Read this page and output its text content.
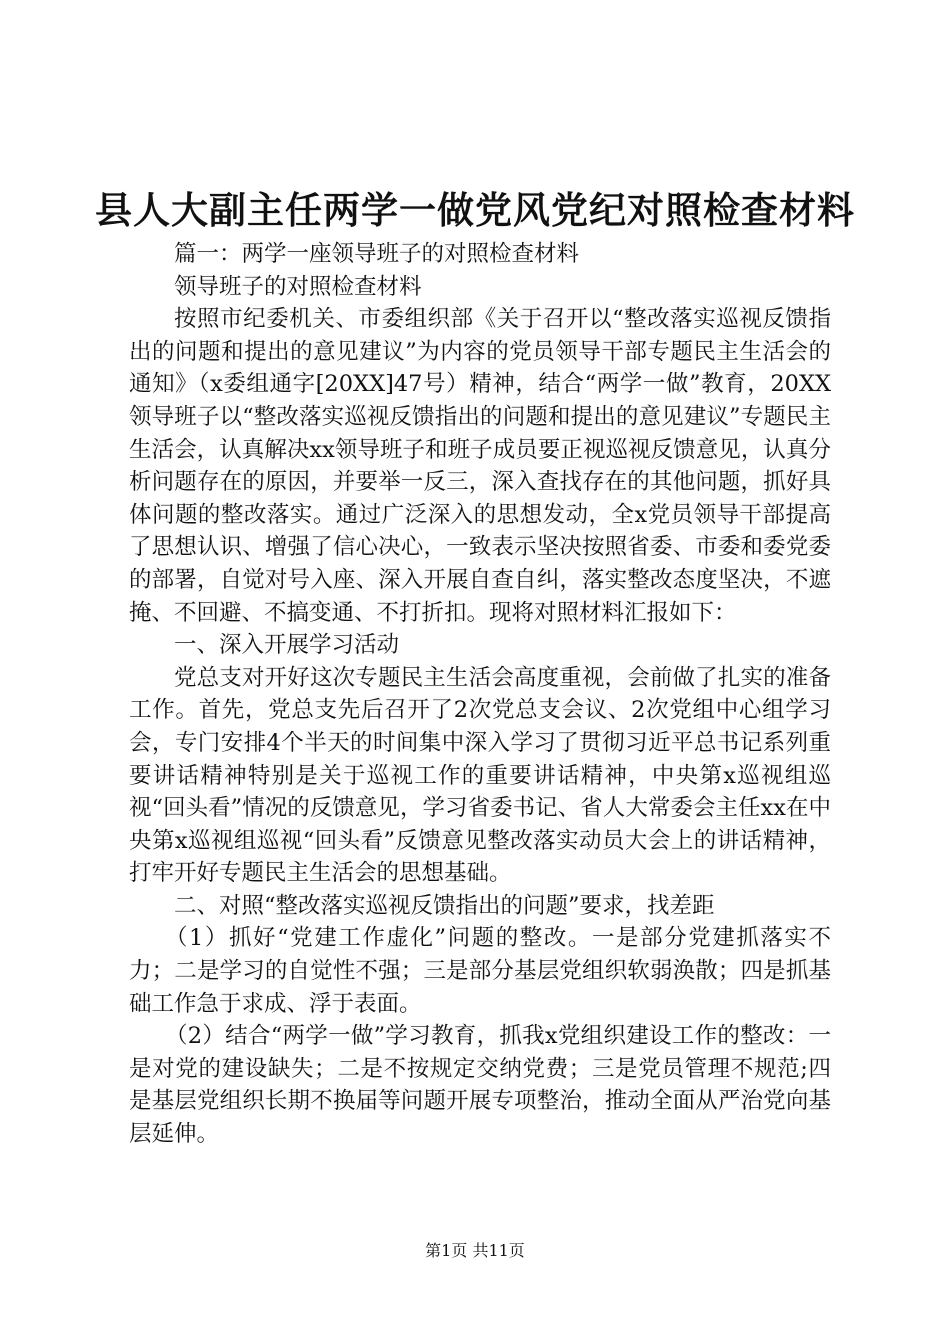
县人大副主任两学一做党风党纪对照检查材料

篇一：两学一座领导班子的对照检查材料

领导班子的对照检查材料

按照市纪委机关、市委组织部《关于召开以“整改落实巡视反馈指出的问题和提出的意见建议”为内容的党员领导干部专题民主生活会的通知》（x委组通字[20XX]47号）精神，结合“两学一做”教育，20XX领导班子以“整改落实巡视反馈指出的问题和提出的意见建议”专题民主生活会，认真解决xx领导班子和班子成员要正视巡视反馈意见，认真分析问题存在的原因，并要举一反三，深入查找存在的其他问题，抓好具体问题的整改落实。通过广泛深入的思想发动，全x党员领导干部提高了思想认识、增强了信心决心，一致表示坚决按照省委、市委和委党委的部署，自觉对号入座、深入开展自查自纠，落实整改态度坚决，不遮掩、不回避、不搞变通、不打折扣。现将对照材料汇报如下：

一、深入开展学习活动

党总支对开好这次专题民主生活会高度重视，会前做了扎实的准备工作。首先，党总支先后召开了2次党总支会议、2次党组中心组学习会，专门安排4个半天的时间集中深入学习了贯彻习近平总书记系列重要讲话精神特别是关于巡视工作的重要讲话精神，中央第x巡视组巡视“回头看”情况的反馈意见，学习省委书记、省人大常委会主任xx在中央第x巡视组巡视“回头看”反馈意见整改落实动员大会上的讲话精神，打牢开好专题民主生活会的思想基础。

二、对照“整改落实巡视反馈指出的问题”要求，找差距

（1）抓好“党建工作虚化”问题的整改。一是部分党建抓落实不力；二是学习的自觉性不强；三是部分基层党组织软弱涣散；四是抓基础工作急于求成、浮于表面。

（2）结合“两学一做”学习教育，抓我x党组织建设工作的整改：一是对党的建设缺失；二是不按规定交纳党费；三是党员管理不规范;四是基层党组织长期不换届等问题开展专项整治，推动全面从严治党向基层延伸。

第1页 共11页
